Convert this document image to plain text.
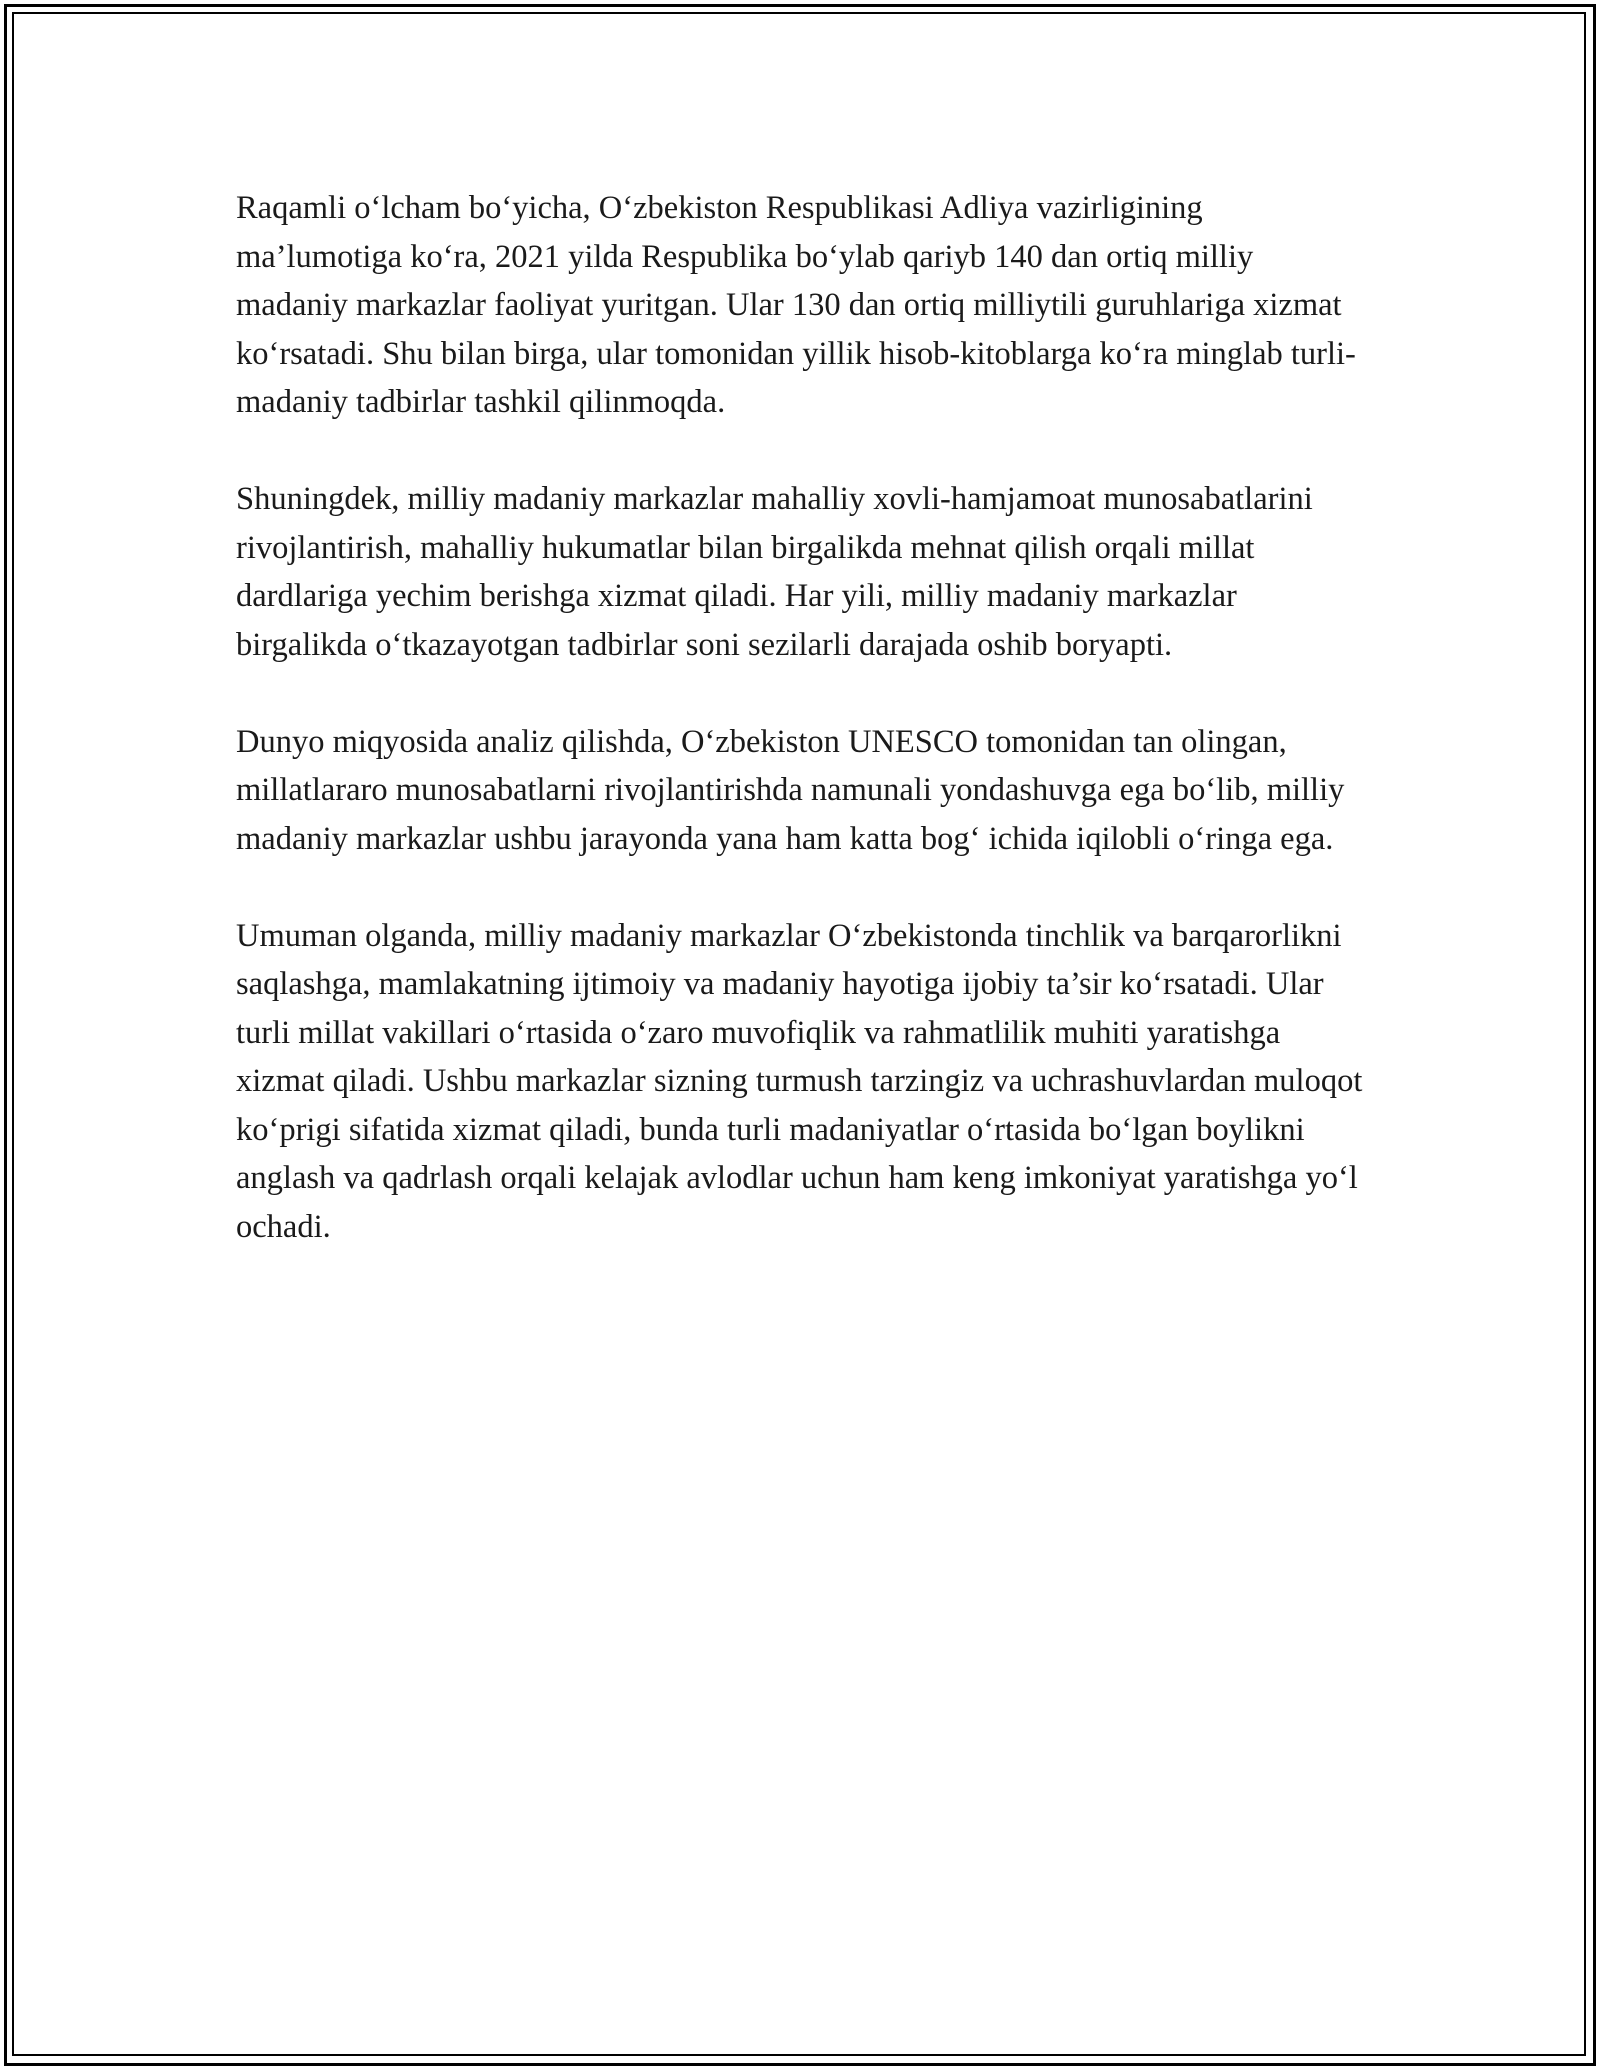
Raqamli o‘lcham bo‘yicha, O‘zbekiston Respublikasi Adliya vazirligining ma’lumotiga ko‘ra, 2021 yilda Respublika bo‘ylab qariyb 140 dan ortiq milliy madaniy markazlar faoliyat yuritgan. Ular 130 dan ortiq milliytili guruhlariga xizmat ko‘rsatadi. Shu bilan birga, ular tomonidan yillik hisob-kitoblarga ko‘ra minglab turli-madaniy tadbirlar tashkil qilinmoqda.

Shuningdek, milliy madaniy markazlar mahalliy xovli-hamjamoat munosabatlarini rivojlantirish, mahalliy hukumatlar bilan birgalikda mehnat qilish orqali millat dardlariga yechim berishga xizmat qiladi. Har yili, milliy madaniy markazlar birgalikda o‘tkazayotgan tadbirlar soni sezilarli darajada oshib boryapti.

Dunyo miqyosida analiz qilishda, O‘zbekiston UNESCO tomonidan tan olingan, millatlararo munosabatlarni rivojlantirishda namunali yondashuvga ega bo‘lib, milliy madaniy markazlar ushbu jarayonda yana ham katta bog‘ ichida iqilobli o‘ringa ega.

Umuman olganda, milliy madaniy markazlar O‘zbekistonda tinchlik va barqarorlikni saqlashga, mamlakatning ijtimoiy va madaniy hayotiga ijobiy ta’sir ko‘rsatadi. Ular turli millat vakillari o‘rtasida o‘zaro muvofiqlik va rahmatlilik muhiti yaratishga xizmat qiladi. Ushbu markazlar sizning turmush tarzingiz va uchrashuvlardan muloqot ko‘prigi sifatida xizmat qiladi, bunda turli madaniyatlar o‘rtasida bo‘lgan boylikni anglash va qadrlash orqali kelajak avlodlar uchun ham keng imkoniyat yaratishga yo‘l ochadi.
